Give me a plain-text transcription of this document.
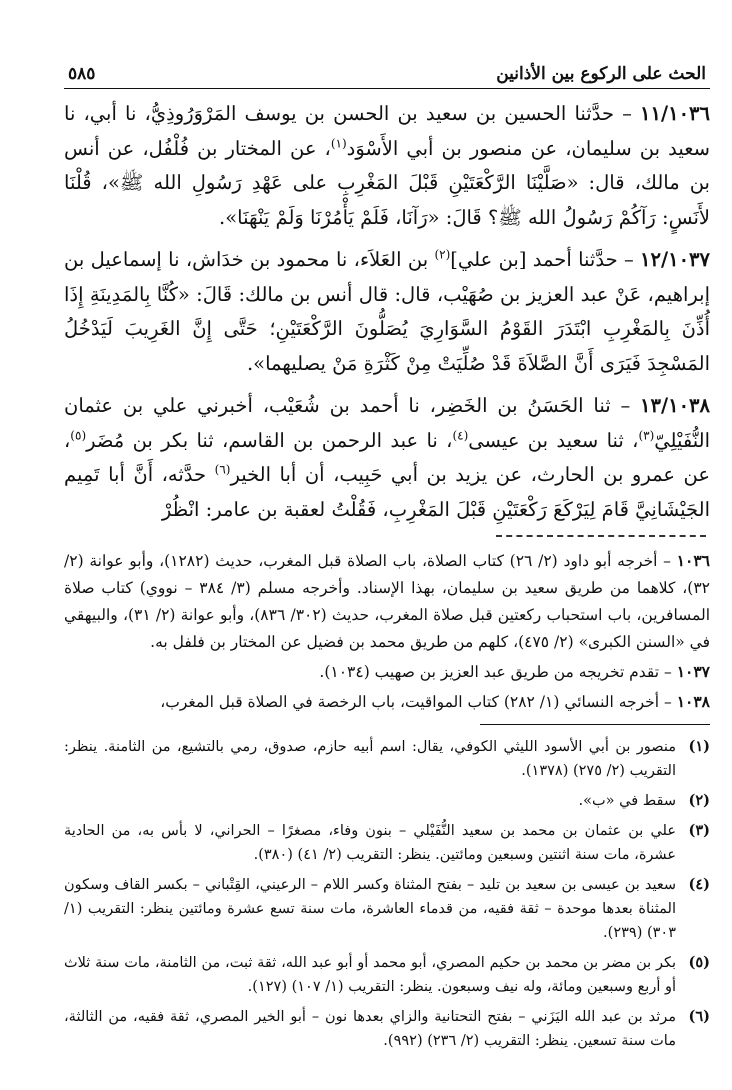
الحث على الركوع بين الأذانين
٥٨٥

١١/١٠٣٦ – حدَّثنا الحسين بن سعيد بن الحسن بن يوسف المَرْوَرُوذِيُّ، نا أبي، نا سعيد بن سليمان، عن منصور بن أبي الأَسْوَد$^{(١)}$، عن المختار بن فُلْفُل، عن أنس بن مالك، قال: «صَلَّيْنَا الرَّكْعَتَيْنِ قَبْلَ المَغْرِبِ على عَهْدِ رَسُولِ الله ﷺ»، قُلْنَا لأَنَسٍ: رَآكُمْ رَسُولُ الله ﷺ؟ قَالَ: «رَآنَا، فَلَمْ يَأْمُرْنَا وَلَمْ يَنْهَنَا».

١٢/١٠٣٧ – حدَّثنا أحمد [بن علي]$^{(٢)}$ بن العَلاَء، نا محمود بن خدَاش، نا إسماعيل بن إبراهيم، عَنْ عبد العزيز بن صُهَيْب، قال: قال أنس بن مالك: قَالَ: «كُنَّا بِالمَدِينَةِ إِذَا أُذِّنَ بِالمَغْرِبِ ابْتَدَرَ القَوْمُ السَّوَارِيَ يُصَلُّونَ الرَّكْعَتَيْنِ؛ حَتَّى إِنَّ الغَرِيبَ لَيَدْخُلُ المَسْجِدَ فَيَرَى أَنَّ الصَّلاَةَ قَدْ صُلِّيَتْ مِنْ كَثْرَةِ مَنْ يصليهما».

١٣/١٠٣٨ – ثنا الحَسَنُ بن الخَضِر، نا أحمد بن شُعَيْب، أخبرني علي بن عثمان النُّفَيْلِيّ$^{(٣)}$، ثنا سعيد بن عيسى$^{(٤)}$، نا عبد الرحمن بن القاسم، ثنا بكر بن مُضَر$^{(٥)}$، عن عمرو بن الحارث، عن يزيد بن أبي حَبِيب، أن أبا الخير$^{(٦)}$ حدَّثه، أَنَّ أبا تَمِيم الجَيْشَانِيَّ قَامَ لِيَرْكَعَ رَكْعَتَيْنِ قَبْلَ المَغْرِبِ، فَقُلْتُ لعقبة بن عامر: انْظُرْ

١٠٣٦ – أخرجه أبو داود (٢/ ٢٦) كتاب الصلاة، باب الصلاة قبل المغرب، حديث (١٢٨٢)، وأبو عوانة (٢/ ٣٢)، كلاهما من طريق سعيد بن سليمان، بهذا الإسناد. وأخرجه مسلم (٣/ ٣٨٤ – نووي) كتاب صلاة المسافرين، باب استحباب ركعتين قبل صلاة المغرب، حديث (٣٠٢/ ٨٣٦)، وأبو عوانة (٢/ ٣١)، والبيهقي في «السنن الكبرى» (٢/ ٤٧٥)، كلهم من طريق محمد بن فضيل عن المختار بن فلفل به.

١٠٣٧ – تقدم تخريجه من طريق عبد العزيز بن صهيب (١٠٣٤).

١٠٣٨ – أخرجه النسائي (١/ ٢٨٢) كتاب المواقيت، باب الرخصة في الصلاة قبل المغرب،

(١)
منصور بن أبي الأسود الليثي الكوفي، يقال: اسم أبيه حازم، صدوق، رمي بالتشيع، من الثامنة. ينظر: التقريب (٢/ ٢٧٥) (١٣٧٨).
(٢)
سقط في «ب».
(٣)
علي بن عثمان بن محمد بن سعيد النُّفَيْلي – بنون وفاء، مصغرًا – الحراني، لا بأس به، من الحادية عشرة، مات سنة اثنتين وسبعين ومائتين. ينظر: التقريب (٢/ ٤١) (٣٨٠).
(٤)
سعيد بن عيسى بن سعيد بن تليد – بفتح المثناة وكسر اللام – الرعيني، القِتْباني – بكسر القاف وسكون المثناة بعدها موحدة – ثقة فقيه، من قدماء العاشرة، مات سنة تسع عشرة ومائتين ينظر: التقريب (١/ ٣٠٣) (٢٣٩).
(٥)
بكر بن مضر بن محمد بن حكيم المصري، أبو محمد أو أبو عبد الله، ثقة ثبت، من الثامنة، مات سنة ثلاث أو أربع وسبعين ومائة، وله نيف وسبعون. ينظر: التقريب (١/ ١٠٧) (١٢٧).
(٦)
مرثد بن عبد الله اليَزَني – بفتح التحتانية والزاي بعدها نون – أبو الخير المصري، ثقة فقيه، من الثالثة، مات سنة تسعين. ينظر: التقريب (٢/ ٢٣٦) (٩٩٢).
